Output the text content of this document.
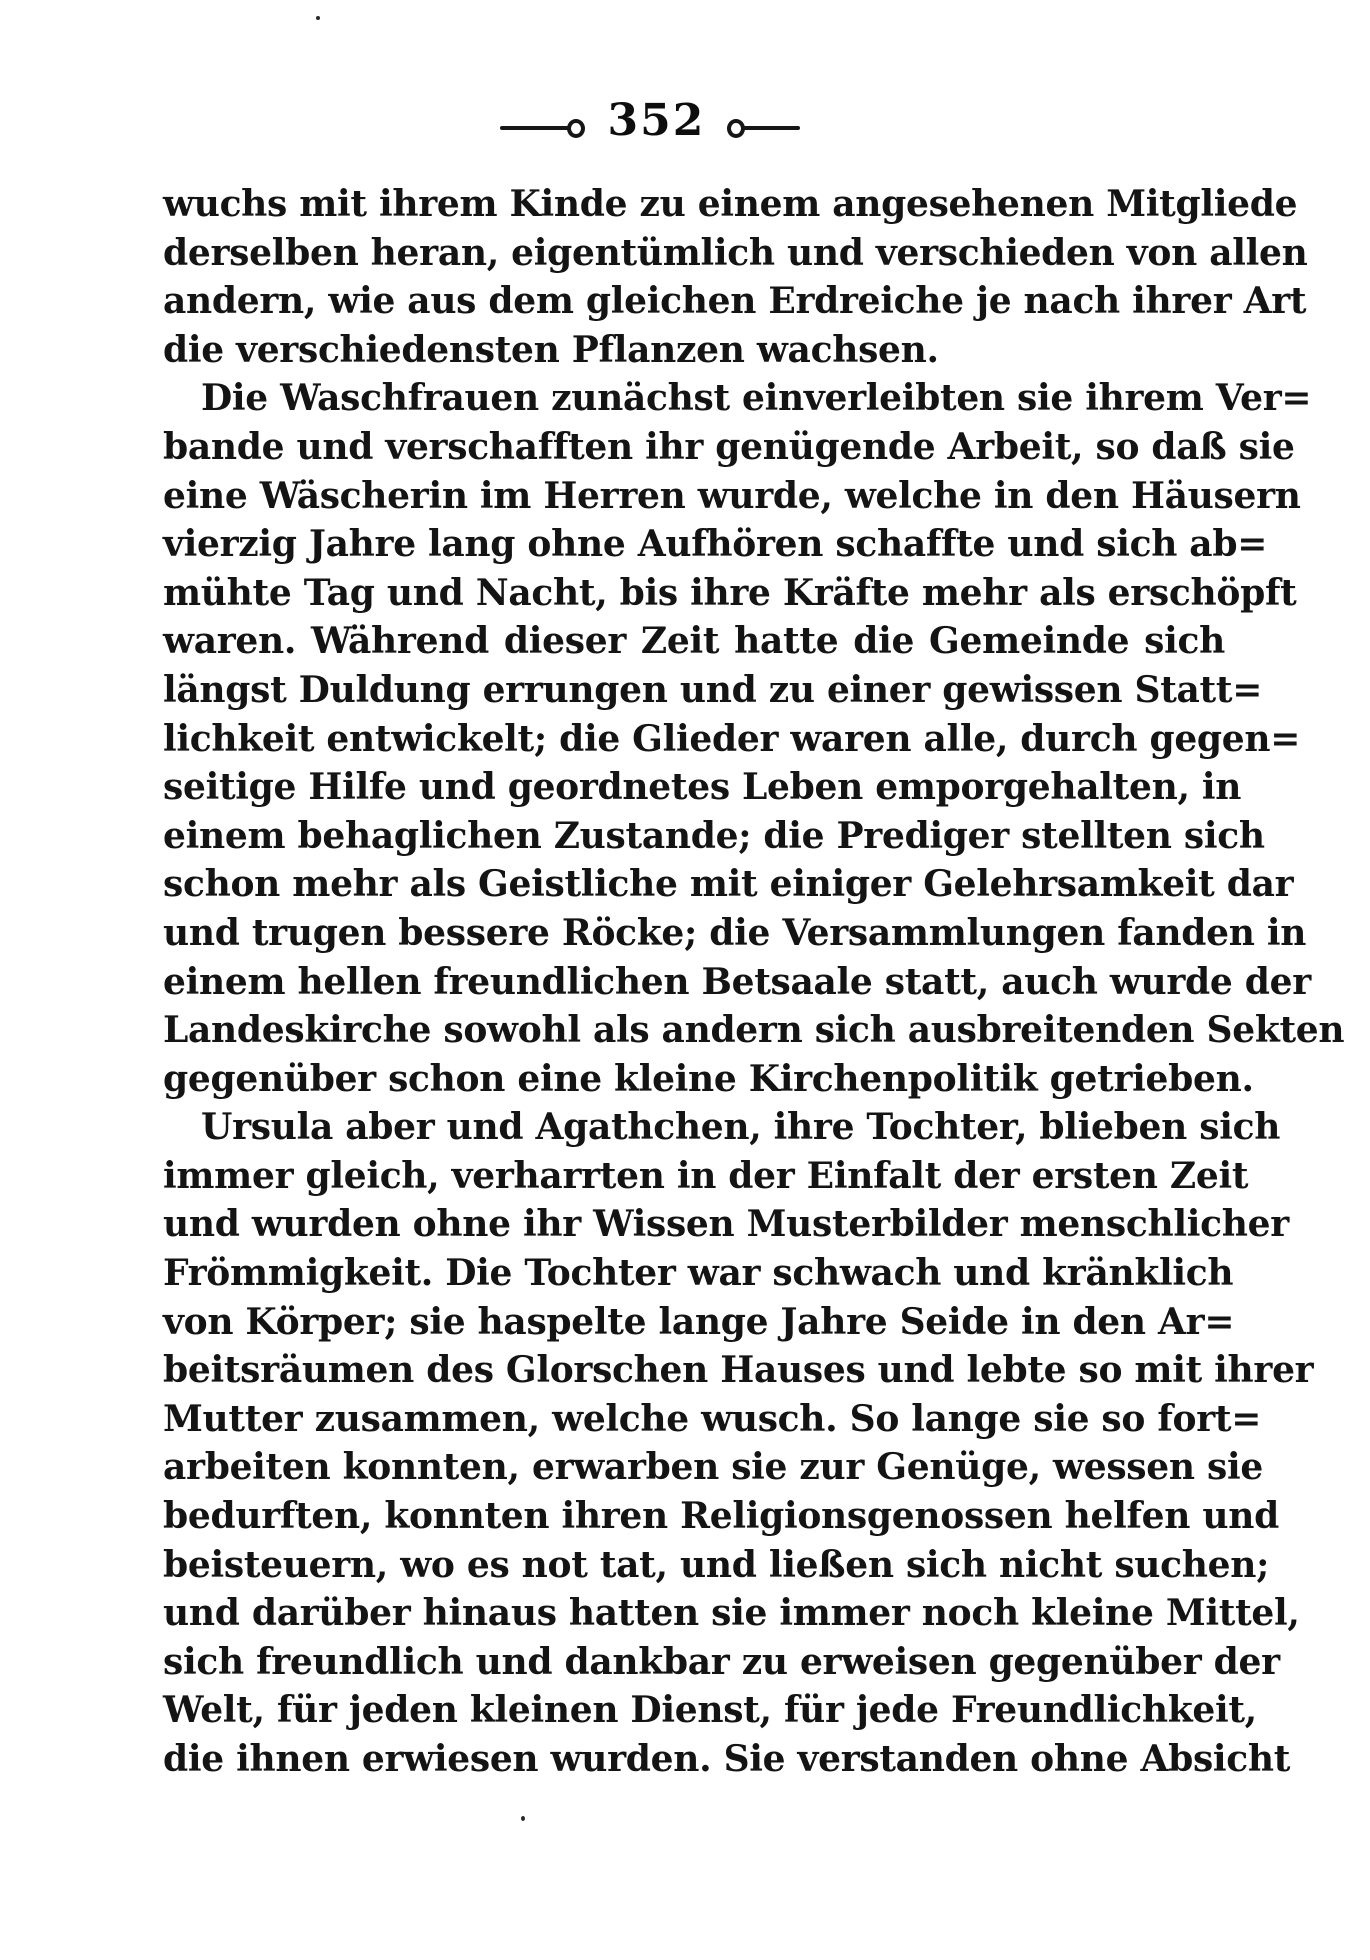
352
wuchs mit ihrem Kinde zu einem angesehenen Mitgliede
derselben heran, eigentümlich und verschieden von allen
andern, wie aus dem gleichen Erdreiche je nach ihrer Art
die verschiedensten Pflanzen wachsen.
Die Waschfrauen zunächst einverleibten sie ihrem Ver=
bande und verschafften ihr genügende Arbeit, so daß sie
eine Wäscherin im Herren wurde, welche in den Häusern
vierzig Jahre lang ohne Aufhören schaffte und sich ab=
mühte Tag und Nacht, bis ihre Kräfte mehr als erschöpft
waren. Während dieser Zeit hatte die Gemeinde sich
längst Duldung errungen und zu einer gewissen Statt=
lichkeit entwickelt; die Glieder waren alle, durch gegen=
seitige Hilfe und geordnetes Leben emporgehalten, in
einem behaglichen Zustande; die Prediger stellten sich
schon mehr als Geistliche mit einiger Gelehrsamkeit dar
und trugen bessere Röcke; die Versammlungen fanden in
einem hellen freundlichen Betsaale statt, auch wurde der
Landeskirche sowohl als andern sich ausbreitenden Sekten
gegenüber schon eine kleine Kirchenpolitik getrieben.
Ursula aber und Agathchen, ihre Tochter, blieben sich
immer gleich, verharrten in der Einfalt der ersten Zeit
und wurden ohne ihr Wissen Musterbilder menschlicher
Frömmigkeit. Die Tochter war schwach und kränklich
von Körper; sie haspelte lange Jahre Seide in den Ar=
beitsräumen des Glorschen Hauses und lebte so mit ihrer
Mutter zusammen, welche wusch. So lange sie so fort=
arbeiten konnten, erwarben sie zur Genüge, wessen sie
bedurften, konnten ihren Religionsgenossen helfen und
beisteuern, wo es not tat, und ließen sich nicht suchen;
und darüber hinaus hatten sie immer noch kleine Mittel,
sich freundlich und dankbar zu erweisen gegenüber der
Welt, für jeden kleinen Dienst, für jede Freundlichkeit,
die ihnen erwiesen wurden. Sie verstanden ohne Absicht
